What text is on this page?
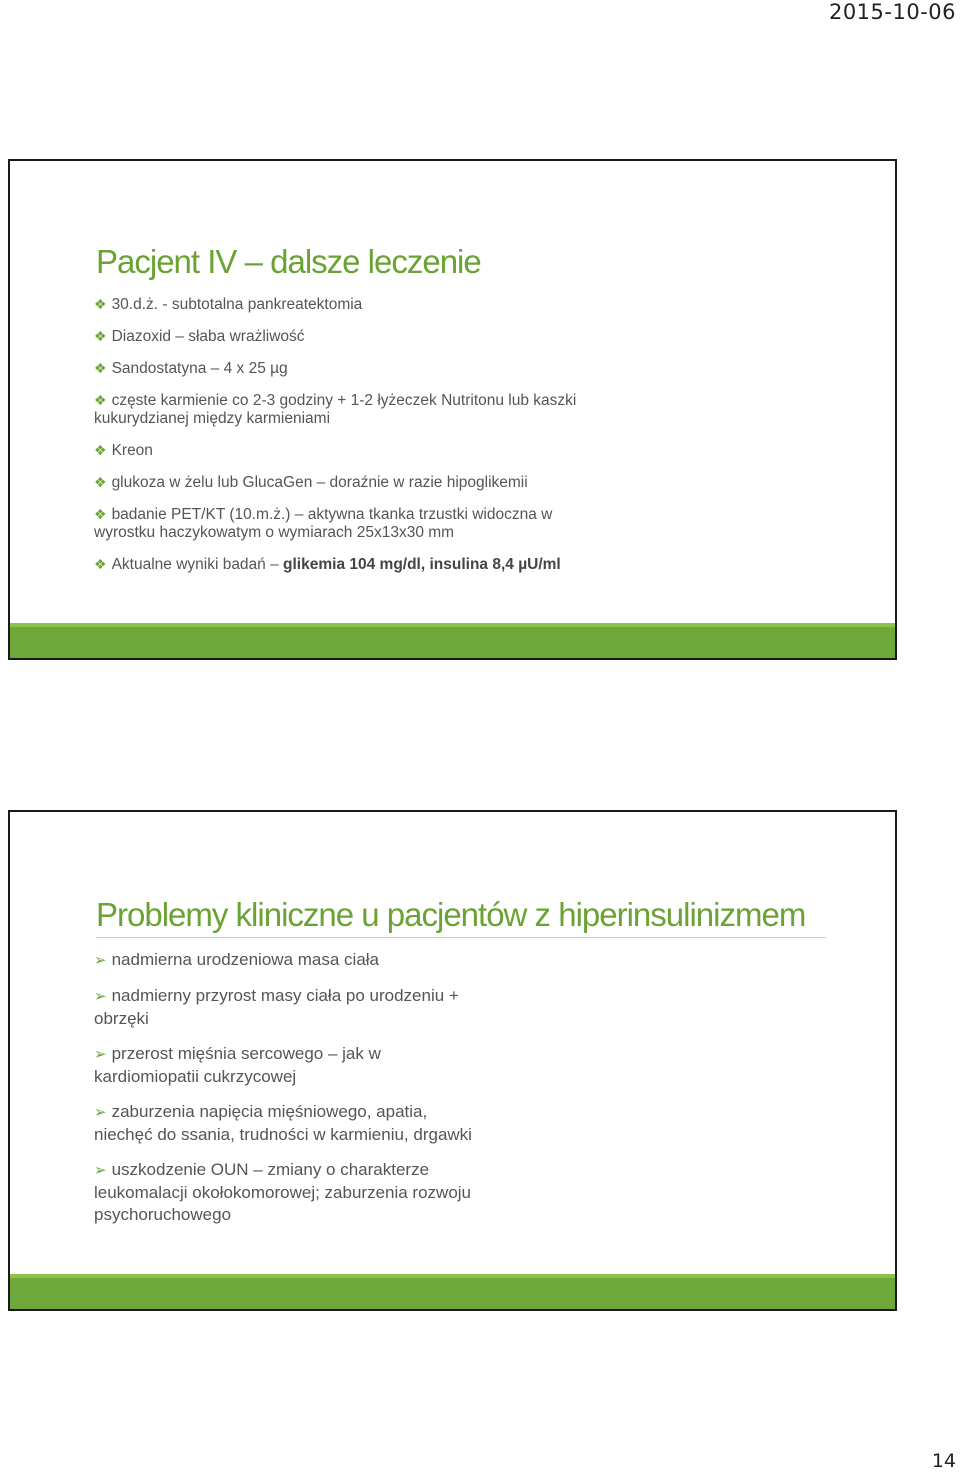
2015-10-06
Pacjent IV – dalsze leczenie
❖ 30.d.ż. - subtotalna pankreatektomia
❖ Diazoxid – słaba wrażliwość
❖ Sandostatyna – 4 x 25 µg
❖ częste karmienie co 2-3 godziny + 1-2 łyżeczek Nutritonu lub kaszki kukurydzianej między karmieniami
❖ Kreon
❖ glukoza w żelu lub GlucaGen – doraźnie w razie hipoglikemii
❖ badanie PET/KT (10.m.ż.) – aktywna tkanka trzustki widoczna w wyrostku haczykowatym o wymiarach 25x13x30 mm
❖ Aktualne wyniki badań – glikemia 104 mg/dl, insulina 8,4 µU/ml
Problemy kliniczne u pacjentów z hiperinsulinizmem
➢ nadmierna urodzeniowa masa ciała
➢ nadmierny przyrost masy ciała po urodzeniu + obrzęki
➢ przerost mięśnia sercowego – jak w kardiomiopatii cukrzycowej
➢ zaburzenia napięcia mięśniowego, apatia, niechęć do ssania, trudności w karmieniu, drgawki
➢ uszkodzenie OUN – zmiany o charakterze leukomalacji okołokomorowej; zaburzenia rozwoju psychoruchowego
14
